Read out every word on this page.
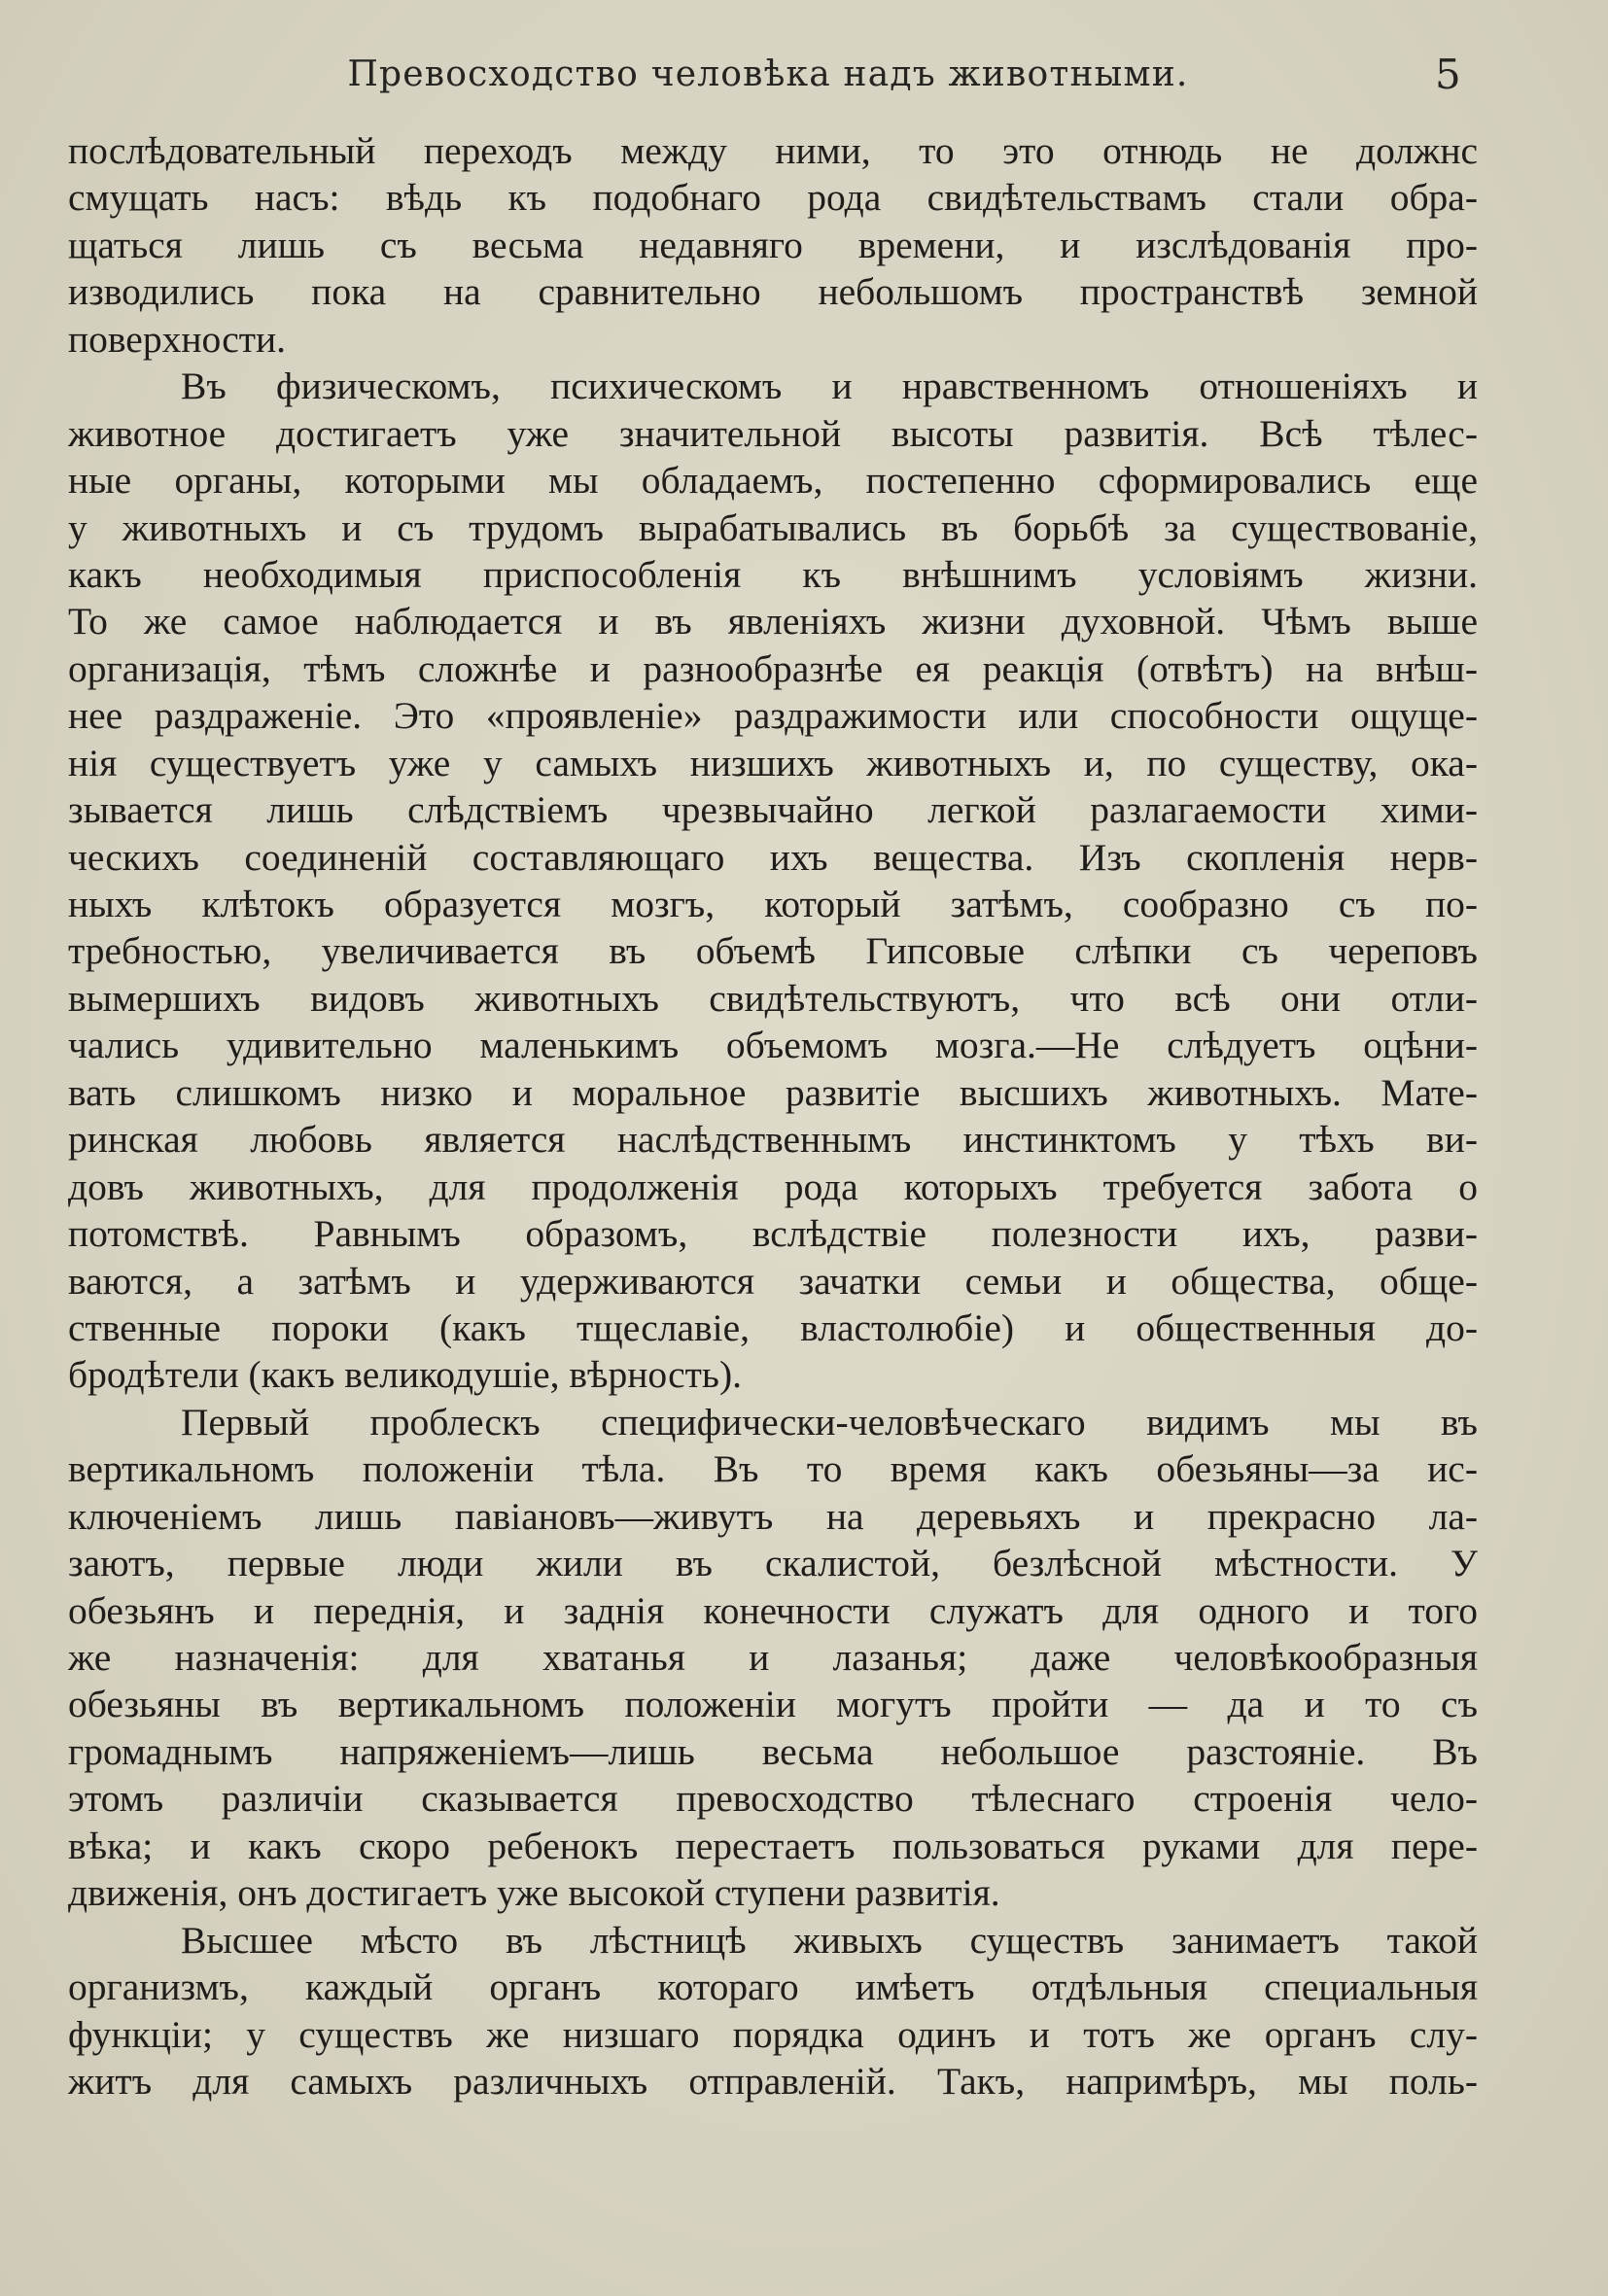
Превосходство человѣка надъ животными.	5
послѣдовательный переходъ между ними, то это отнюдь не должнс
смущать насъ: вѣдь къ подобнаго рода свидѣтельствамъ стали обра-
щаться лишь съ весьма недавняго времени, и изслѣдованія про-
изводились пока на сравнительно небольшомъ пространствѣ земной
поверхности.
Въ физическомъ, психическомъ и нравственномъ отношеніяхъ и
животное достигаетъ уже значительной высоты развитія. Всѣ тѣлес-
ные органы, которыми мы обладаемъ, постепенно сформировались еще
у животныхъ и съ трудомъ вырабатывались въ борьбѣ за существованіе,
какъ необходимыя приспособленія къ внѣшнимъ условіямъ жизни.
То же самое наблюдается и въ явленіяхъ жизни духовной. Чѣмъ выше
организація, тѣмъ сложнѣе и разнообразнѣе ея реакція (отвѣтъ) на внѣш-
нее раздраженіе. Это «проявленіе» раздражимости или способности ощуще-
нія существуетъ уже у самыхъ низшихъ животныхъ и, по существу, ока-
зывается лишь слѣдствіемъ чрезвычайно легкой разлагаемости хими-
ческихъ соединеній составляющаго ихъ вещества. Изъ скопленія нерв-
ныхъ клѣтокъ образуется мозгъ, который затѣмъ, сообразно съ по-
требностью, увеличивается въ объемѣ Гипсовые слѣпки съ череповъ
вымершихъ видовъ животныхъ свидѣтельствуютъ, что всѣ они отли-
чались удивительно маленькимъ объемомъ мозга.—Не слѣдуетъ оцѣни-
вать слишкомъ низко и моральное развитіе высшихъ животныхъ. Мате-
ринская любовь является наслѣдственнымъ инстинктомъ у тѣхъ ви-
довъ животныхъ, для продолженія рода которыхъ требуется забота о
потомствѣ. Равнымъ образомъ, вслѣдствіе полезности ихъ, разви-
ваются, а затѣмъ и удерживаются зачатки семьи и общества, обще-
ственные пороки (какъ тщеславіе, властолюбіе) и общественныя до-
бродѣтели (какъ великодушіе, вѣрность).
Первый проблескъ специфически-человѣческаго видимъ мы въ
вертикальномъ положеніи тѣла. Въ то время какъ обезьяны—за ис-
ключеніемъ лишь павіановъ—живутъ на деревьяхъ и прекрасно ла-
заютъ, первые люди жили въ скалистой, безлѣсной мѣстности. У
обезьянъ и переднія, и заднія конечности служатъ для одного и того
же назначенія: для хватанья и лазанья; даже человѣкообразныя
обезьяны въ вертикальномъ положеніи могутъ пройти — да и то съ
громаднымъ напряженіемъ—лишь весьма небольшое разстояніе. Въ
этомъ различіи сказывается превосходство тѣлеснаго строенія чело-
вѣка; и какъ скоро ребенокъ перестаетъ пользоваться руками для пере-
движенія, онъ достигаетъ уже высокой ступени развитія.
Высшее мѣсто въ лѣстницѣ живыхъ существъ занимаетъ такой
организмъ, каждый органъ котораго имѣетъ отдѣльныя специальныя
функціи; у существъ же низшаго порядка одинъ и тотъ же органъ слу-
житъ для самыхъ различныхъ отправленій. Такъ, напримѣръ, мы поль-
